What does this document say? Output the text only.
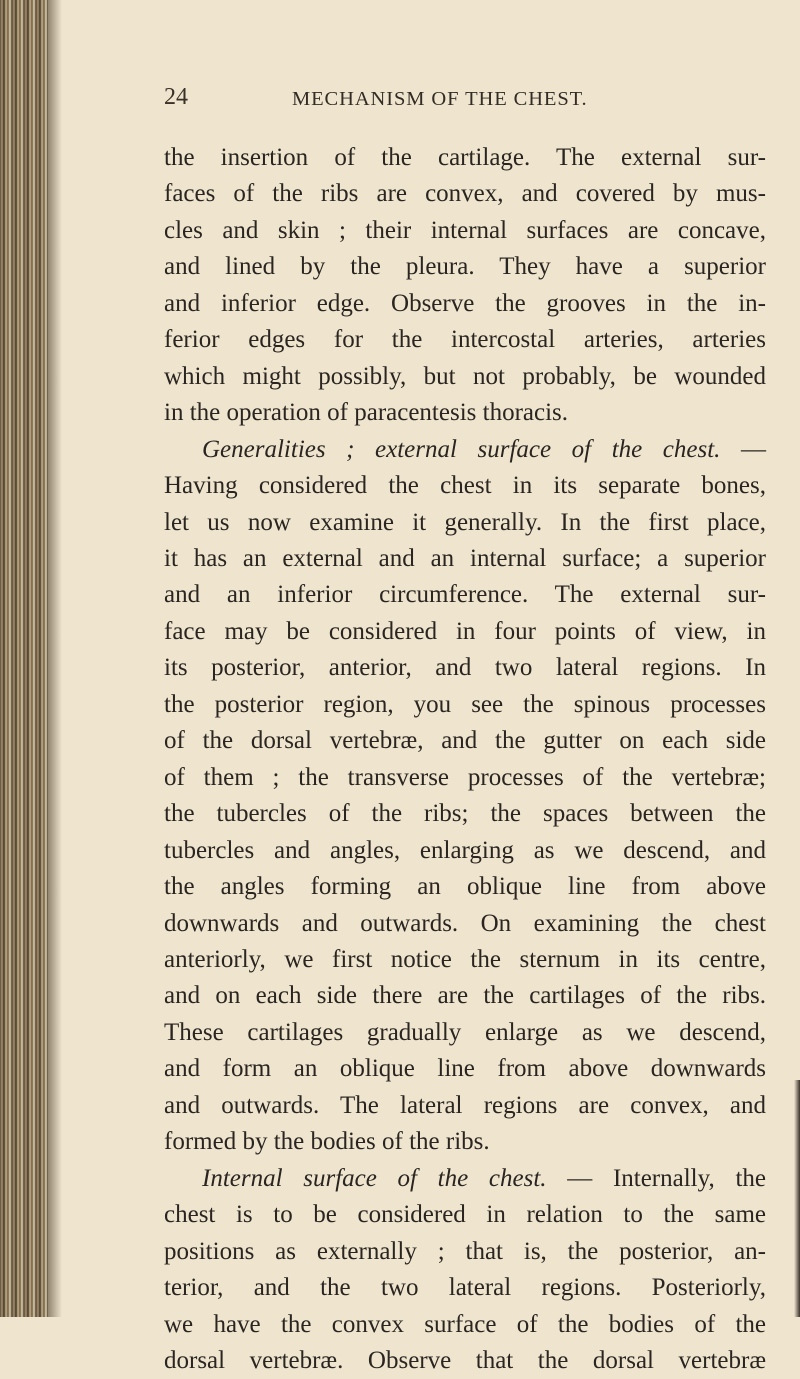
24	MECHANISM OF THE CHEST.
the insertion of the cartilage. The external sur-
faces of the ribs are convex, and covered by mus-
cles and skin ; their internal surfaces are concave,
and lined by the pleura. They have a superior
and inferior edge. Observe the grooves in the in-
ferior edges for the intercostal arteries, arteries
which might possibly, but not probably, be wounded
in the operation of paracentesis thoracis.
Generalities ; external surface of the chest. —
Having considered the chest in its separate bones,
let us now examine it generally. In the first place,
it has an external and an internal surface; a superior
and an inferior circumference. The external sur-
face may be considered in four points of view, in
its posterior, anterior, and two lateral regions. In
the posterior region, you see the spinous processes
of the dorsal vertebræ, and the gutter on each side
of them ; the transverse processes of the vertebræ;
the tubercles of the ribs; the spaces between the
tubercles and angles, enlarging as we descend, and
the angles forming an oblique line from above
downwards and outwards. On examining the chest
anteriorly, we first notice the sternum in its centre,
and on each side there are the cartilages of the ribs.
These cartilages gradually enlarge as we descend,
and form an oblique line from above downwards
and outwards. The lateral regions are convex, and
formed by the bodies of the ribs.
Internal surface of the chest. — Internally, the
chest is to be considered in relation to the same
positions as externally ; that is, the posterior, an-
terior, and the two lateral regions. Posteriorly,
we have the convex surface of the bodies of the
dorsal vertebræ. Observe that the dorsal vertebræ
